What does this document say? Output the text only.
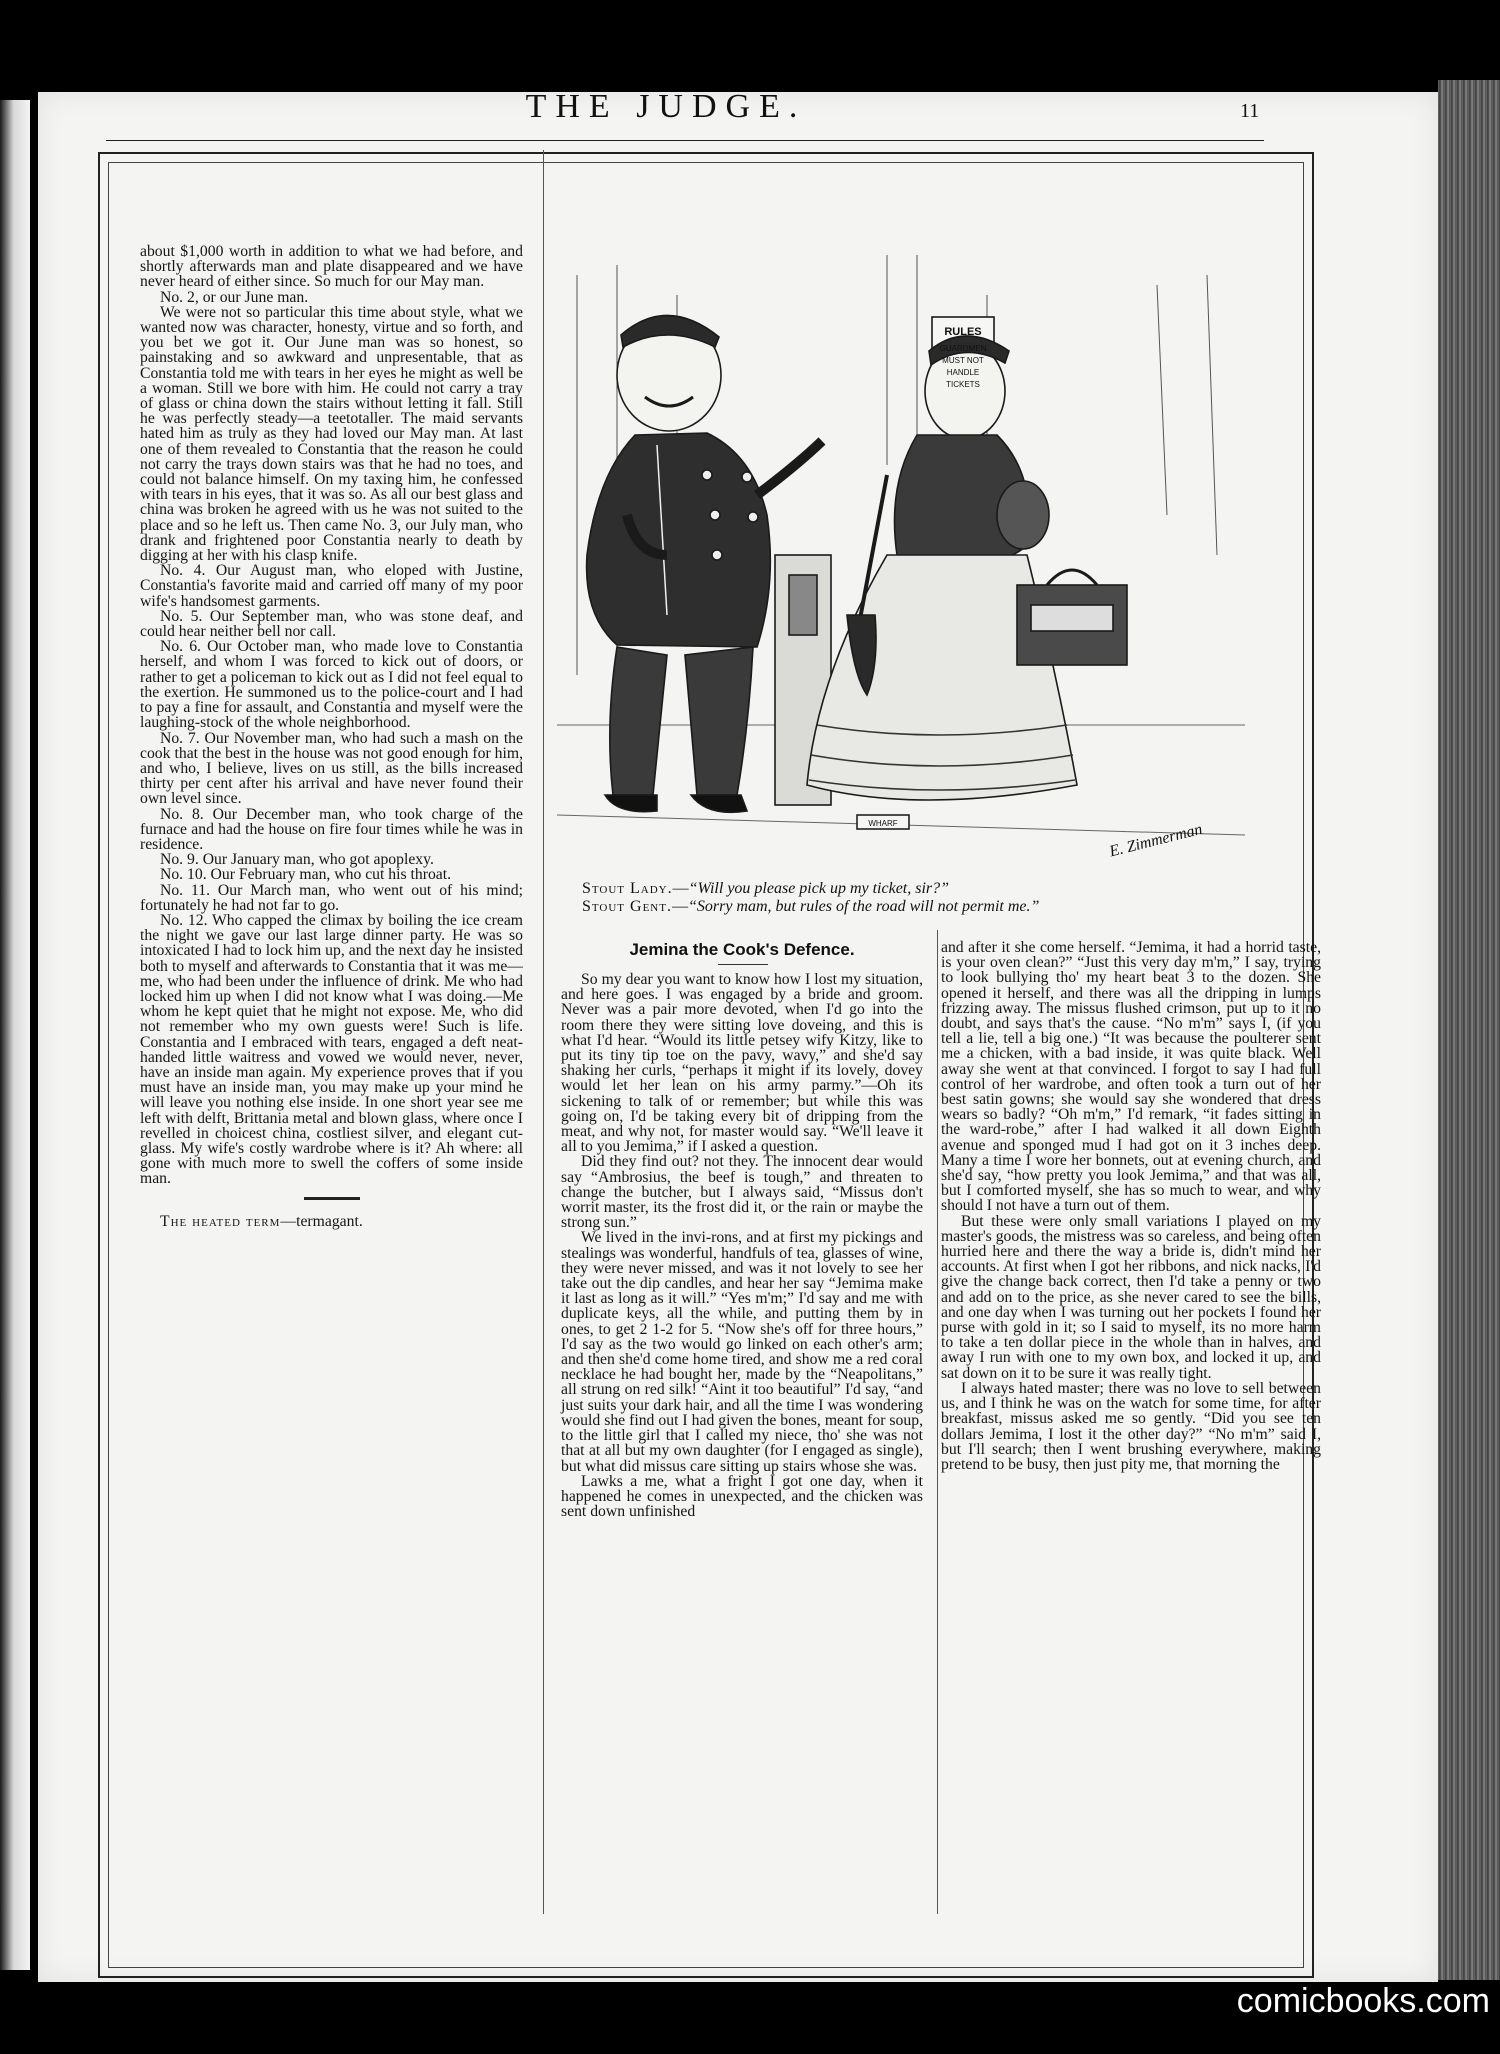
THE JUDGE.	11

about $1,000 worth in addition to what we had before, and shortly afterwards man and plate disappeared and we have never heard of either since. So much for our May man.

No. 2, or our June man.

We were not so particular this time about style, what we wanted now was character, honesty, virtue and so forth, and you bet we got it. Our June man was so honest, so painstaking and so awkward and unpresentable, that as Constantia told me with tears in her eyes he might as well be a woman. Still we bore with him. He could not carry a tray of glass or china down the stairs without letting it fall. Still he was perfectly steady—a teetotaller. The maid servants hated him as truly as they had loved our May man. At last one of them revealed to Constantia that the reason he could not carry the trays down stairs was that he had no toes, and could not balance himself. On my taxing him, he confessed with tears in his eyes, that it was so. As all our best glass and china was broken he agreed with us he was not suited to the place and so he left us. Then came No. 3, our July man, who drank and frightened poor Constantia nearly to death by digging at her with his clasp knife.

No. 4. Our August man, who eloped with Justine, Constantia's favorite maid and carried off many of my poor wife's handsomest garments.

No. 5. Our September man, who was stone deaf, and could hear neither bell nor call.

No. 6. Our October man, who made love to Constantia herself, and whom I was forced to kick out of doors, or rather to get a policeman to kick out as I did not feel equal to the exertion. He summoned us to the police-court and I had to pay a fine for assault, and Constantia and myself were the laughing-stock of the whole neighborhood.

No. 7. Our November man, who had such a mash on the cook that the best in the house was not good enough for him, and who, I believe, lives on us still, as the bills increased thirty per cent after his arrival and have never found their own level since.

No. 8. Our December man, who took charge of the furnace and had the house on fire four times while he was in residence.

No. 9. Our January man, who got apoplexy.

No. 10. Our February man, who cut his throat.

No. 11. Our March man, who went out of his mind; fortunately he had not far to go.

No. 12. Who capped the climax by boiling the ice cream the night we gave our last large dinner party. He was so intoxicated I had to lock him up, and the next day he insisted both to myself and afterwards to Constantia that it was me—me, who had been under the influence of drink. Me who had locked him up when I did not know what I was doing.—Me whom he kept quiet that he might not expose. Me, who did not remember who my own guests were! Such is life. Constantia and I embraced with tears, engaged a deft neat-handed little waitress and vowed we would never, never, have an inside man again. My experience proves that if you must have an inside man, you may make up your mind he will leave you nothing else inside. In one short year see me left with delft, Brittania metal and blown glass, where once I revelled in choicest china, costliest silver, and elegant cut-glass. My wife's costly wardrobe where is it? Ah where: all gone with much more to swell the coffers of some inside man.

The heated term—termagant.

RULES
GUARDMEN
MUST NOT
HANDLE
TICKETS
WHARF	E. Zimmerman
Stout Lady.—“Will you please pick up my ticket, sir?”
Stout Gent.—“Sorry mam, but rules of the road will not permit me.”
Jemina the Cook's Defence.

So my dear you want to know how I lost my situation, and here goes. I was engaged by a bride and groom. Never was a pair more devoted, when I'd go into the room there they were sitting love doveing, and this is what I'd hear. “Would its little petsey wify Kitzy, like to put its tiny tip toe on the pavy, wavy,” and she'd say shaking her curls, “perhaps it might if its lovely, dovey would let her lean on his army parmy.”—Oh its sickening to talk of or remember; but while this was going on, I'd be taking every bit of dripping from the meat, and why not, for master would say. “We'll leave it all to you Jemima,” if I asked a question.

Did they find out? not they. The innocent dear would say “Ambrosius, the beef is tough,” and threaten to change the butcher, but I always said, “Missus don't worrit master, its the frost did it, or the rain or maybe the strong sun.”

We lived in the invi-rons, and at first my pickings and stealings was wonderful, handfuls of tea, glasses of wine, they were never missed, and was it not lovely to see her take out the dip candles, and hear her say “Jemima make it last as long as it will.” “Yes m'm;” I'd say and me with duplicate keys, all the while, and putting them by in ones, to get 2 1-2 for 5. “Now she's off for three hours,” I'd say as the two would go linked on each other's arm; and then she'd come home tired, and show me a red coral necklace he had bought her, made by the “Neapolitans,” all strung on red silk! “Aint it too beautiful” I'd say, “and just suits your dark hair, and all the time I was wondering would she find out I had given the bones, meant for soup, to the little girl that I called my niece, tho' she was not that at all but my own daughter (for I engaged as single), but what did missus care sitting up stairs whose she was.

Lawks a me, what a fright I got one day, when it happened he comes in unexpected, and the chicken was sent down unfinished

and after it she come herself. “Jemima, it had a horrid taste, is your oven clean?” “Just this very day m'm,” I say, trying to look bullying tho' my heart beat 3 to the dozen. She opened it herself, and there was all the dripping in lumps frizzing away. The missus flushed crimson, put up to it no doubt, and says that's the cause. “No m'm” says I, (if you tell a lie, tell a big one.) “It was because the poulterer sent me a chicken, with a bad inside, it was quite black. Well away she went at that convinced. I forgot to say I had full control of her wardrobe, and often took a turn out of her best satin gowns; she would say she wondered that dress wears so badly? “Oh m'm,” I'd remark, “it fades sitting in the ward-robe,” after I had walked it all down Eighth avenue and sponged mud I had got on it 3 inches deep. Many a time I wore her bonnets, out at evening church, and she'd say, “how pretty you look Jemima,” and that was all, but I comforted myself, she has so much to wear, and why should I not have a turn out of them.

But these were only small variations I played on my master's goods, the mistress was so careless, and being often hurried here and there the way a bride is, didn't mind her accounts. At first when I got her ribbons, and nick nacks, I'd give the change back correct, then I'd take a penny or two and add on to the price, as she never cared to see the bills, and one day when I was turning out her pockets I found her purse with gold in it; so I said to myself, its no more harm to take a ten dollar piece in the whole than in halves, and away I run with one to my own box, and locked it up, and sat down on it to be sure it was really tight.

I always hated master; there was no love to sell between us, and I think he was on the watch for some time, for after breakfast, missus asked me so gently. “Did you see ten dollars Jemima, I lost it the other day?” “No m'm” said I, but I'll search; then I went brushing everywhere, making pretend to be busy, then just pity me, that morning the

comicbooks.com
